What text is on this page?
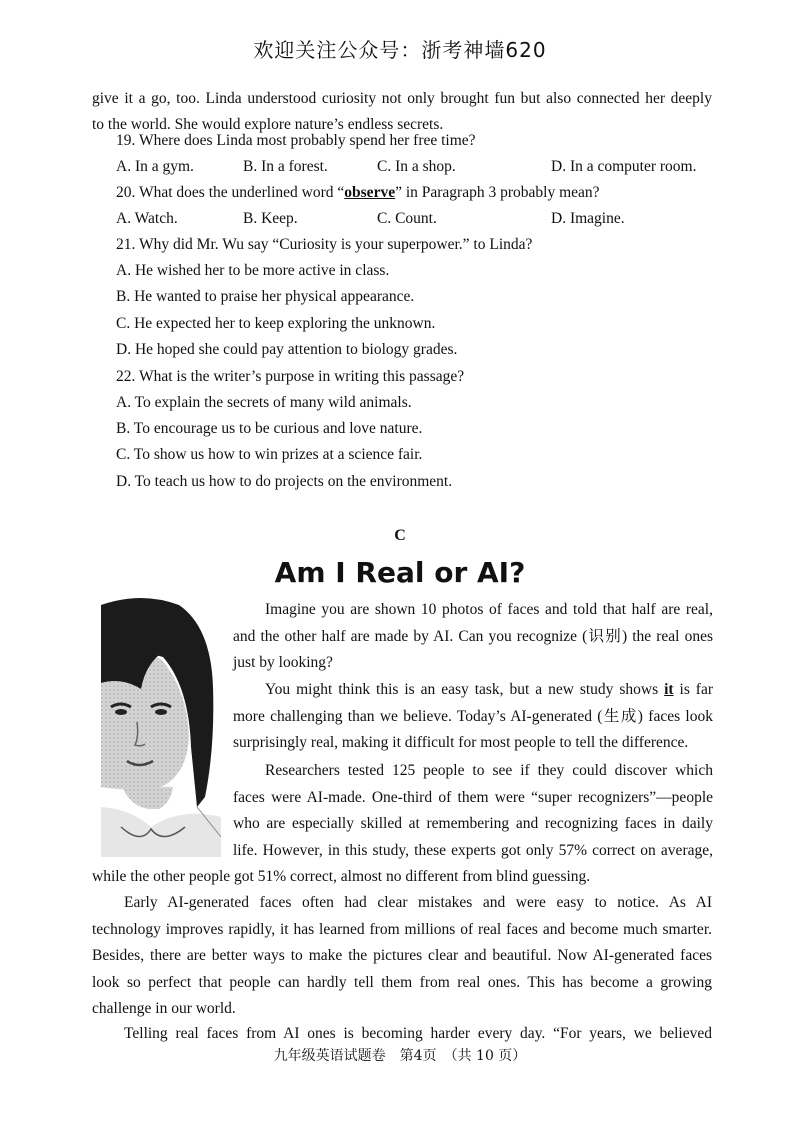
欢迎关注公众号：浙考神墙620
give it a go, too. Linda understood curiosity not only brought fun but also connected her deeply
to the world. She would explore nature’s endless secrets.
19. Where does Linda most probably spend her free time?
A. In a gym.	B. In a forest.	C. In a shop.	D. In a computer room.
20. What does the underlined word “observe” in Paragraph 3 probably mean?
A. Watch.	B. Keep.	C. Count.	D. Imagine.
21. Why did Mr. Wu say “Curiosity is your superpower.” to Linda?
A. He wished her to be more active in class.
B. He wanted to praise her physical appearance.
C. He expected her to keep exploring the unknown.
D. He hoped she could pay attention to biology grades.
22. What is the writer’s purpose in writing this passage?
A. To explain the secrets of many wild animals.
B. To encourage us to be curious and love nature.
C. To show us how to win prizes at a science fair.
D. To teach us how to do projects on the environment.
C
Am I Real or AI?
Imagine you are shown 10 photos of faces and told that half are real,
and the other half are made by AI. Can you recognize (识别) the real ones
just by looking?
You might think this is an easy task, but a new study shows it is far
more challenging than we believe. Today’s AI-generated (生成) faces look
surprisingly real, making it difficult for most people to tell the difference.
Researchers tested 125 people to see if they could discover which
faces were AI-made. One-third of them were “super recognizers”—people
who are especially skilled at remembering and recognizing faces in daily
life. However, in this study, these experts got only 57% correct on average,
while the other people got 51% correct, almost no different from blind guessing.
Early AI-generated faces often had clear mistakes and were easy to notice. As AI
technology improves rapidly, it has learned from millions of real faces and become much smarter.
Besides, there are better ways to make the pictures clear and beautiful. Now AI-generated faces
look so perfect that people can hardly tell them from real ones. This has become a growing
challenge in our world.
Telling real faces from AI ones is becoming harder every day. “For years, we believed
九年级英语试题卷　第4页　（共 10 页）
